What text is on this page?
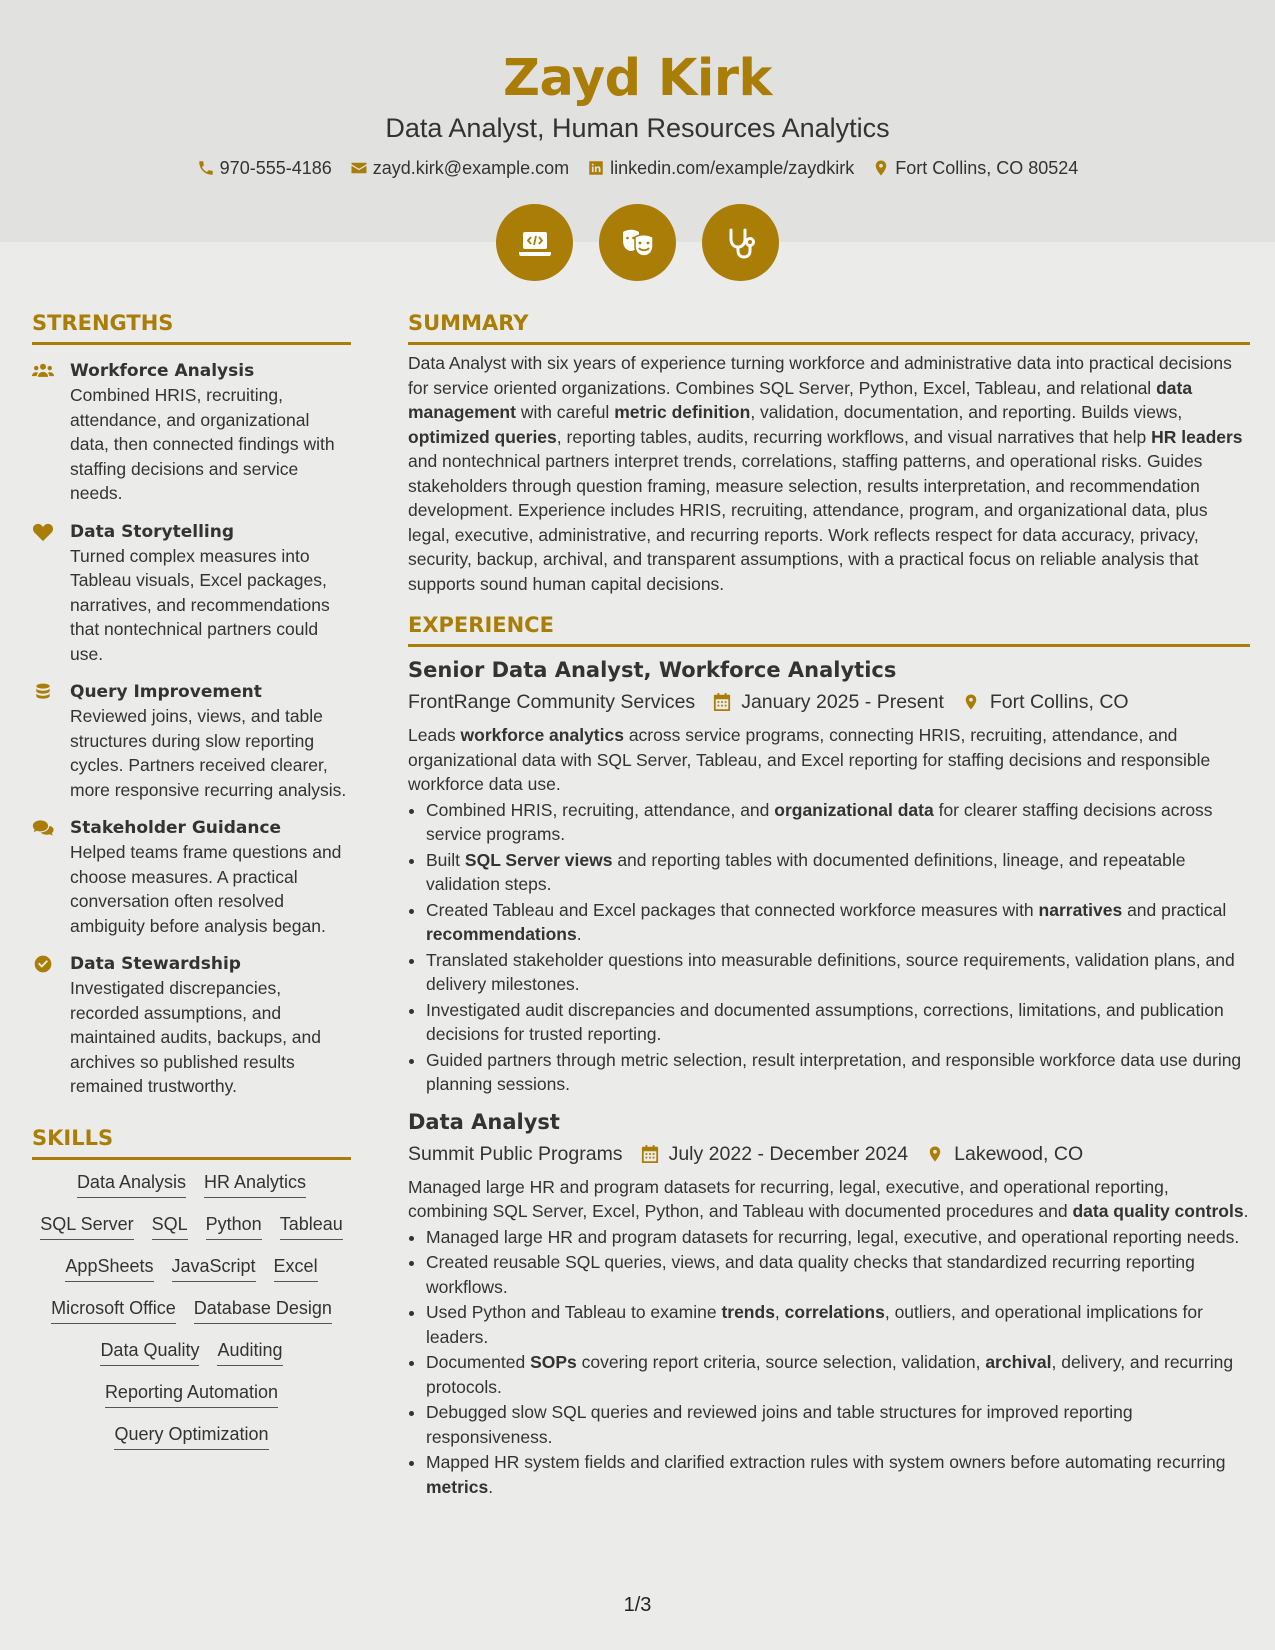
Zayd Kirk
Data Analyst, Human Resources Analytics
970-555-4186 zayd.kirk@example.com linkedin.com/example/zaydkirk Fort Collins, CO 80524
STRENGTHS
Workforce Analysis
Combined HRIS, recruiting, attendance, and organizational data, then connected findings with staffing decisions and service needs.
Data Storytelling
Turned complex measures into Tableau visuals, Excel packages, narratives, and recommendations that nontechnical partners could use.
Query Improvement
Reviewed joins, views, and table structures during slow reporting cycles. Partners received clearer, more responsive recurring analysis.
Stakeholder Guidance
Helped teams frame questions and choose measures. A practical conversation often resolved ambiguity before analysis began.
Data Stewardship
Investigated discrepancies, recorded assumptions, and maintained audits, backups, and archives so published results remained trustworthy.
SKILLS
Data Analysis HR Analytics
SQL Server SQL Python Tableau
AppSheets JavaScript Excel
Microsoft Office Database Design
Data Quality Auditing
Reporting Automation
Query Optimization
SUMMARY
Data Analyst with six years of experience turning workforce and administrative data into practical decisions for service oriented organizations. Combines SQL Server, Python, Excel, Tableau, and relational data management with careful metric definition, validation, documentation, and reporting. Builds views, optimized queries, reporting tables, audits, recurring workflows, and visual narratives that help HR leaders and nontechnical partners interpret trends, correlations, staffing patterns, and operational risks. Guides stakeholders through question framing, measure selection, results interpretation, and recommendation development. Experience includes HRIS, recruiting, attendance, program, and organizational data, plus legal, executive, administrative, and recurring reports. Work reflects respect for data accuracy, privacy, security, backup, archival, and transparent assumptions, with a practical focus on reliable analysis that supports sound human capital decisions.
EXPERIENCE
Senior Data Analyst, Workforce Analytics
FrontRange Community Services January 2025 - Present Fort Collins, CO
Leads workforce analytics across service programs, connecting HRIS, recruiting, attendance, and organizational data with SQL Server, Tableau, and Excel reporting for staffing decisions and responsible workforce data use.
• Combined HRIS, recruiting, attendance, and organizational data for clearer staffing decisions across service programs.
• Built SQL Server views and reporting tables with documented definitions, lineage, and repeatable validation steps.
• Created Tableau and Excel packages that connected workforce measures with narratives and practical recommendations.
• Translated stakeholder questions into measurable definitions, source requirements, validation plans, and delivery milestones.
• Investigated audit discrepancies and documented assumptions, corrections, limitations, and publication decisions for trusted reporting.
• Guided partners through metric selection, result interpretation, and responsible workforce data use during planning sessions.
Data Analyst
Summit Public Programs July 2022 - December 2024 Lakewood, CO
Managed large HR and program datasets for recurring, legal, executive, and operational reporting, combining SQL Server, Excel, Python, and Tableau with documented procedures and data quality controls.
• Managed large HR and program datasets for recurring, legal, executive, and operational reporting needs.
• Created reusable SQL queries, views, and data quality checks that standardized recurring reporting workflows.
• Used Python and Tableau to examine trends, correlations, outliers, and operational implications for leaders.
• Documented SOPs covering report criteria, source selection, validation, archival, delivery, and recurring protocols.
• Debugged slow SQL queries and reviewed joins and table structures for improved reporting responsiveness.
• Mapped HR system fields and clarified extraction rules with system owners before automating recurring metrics.
1/3
